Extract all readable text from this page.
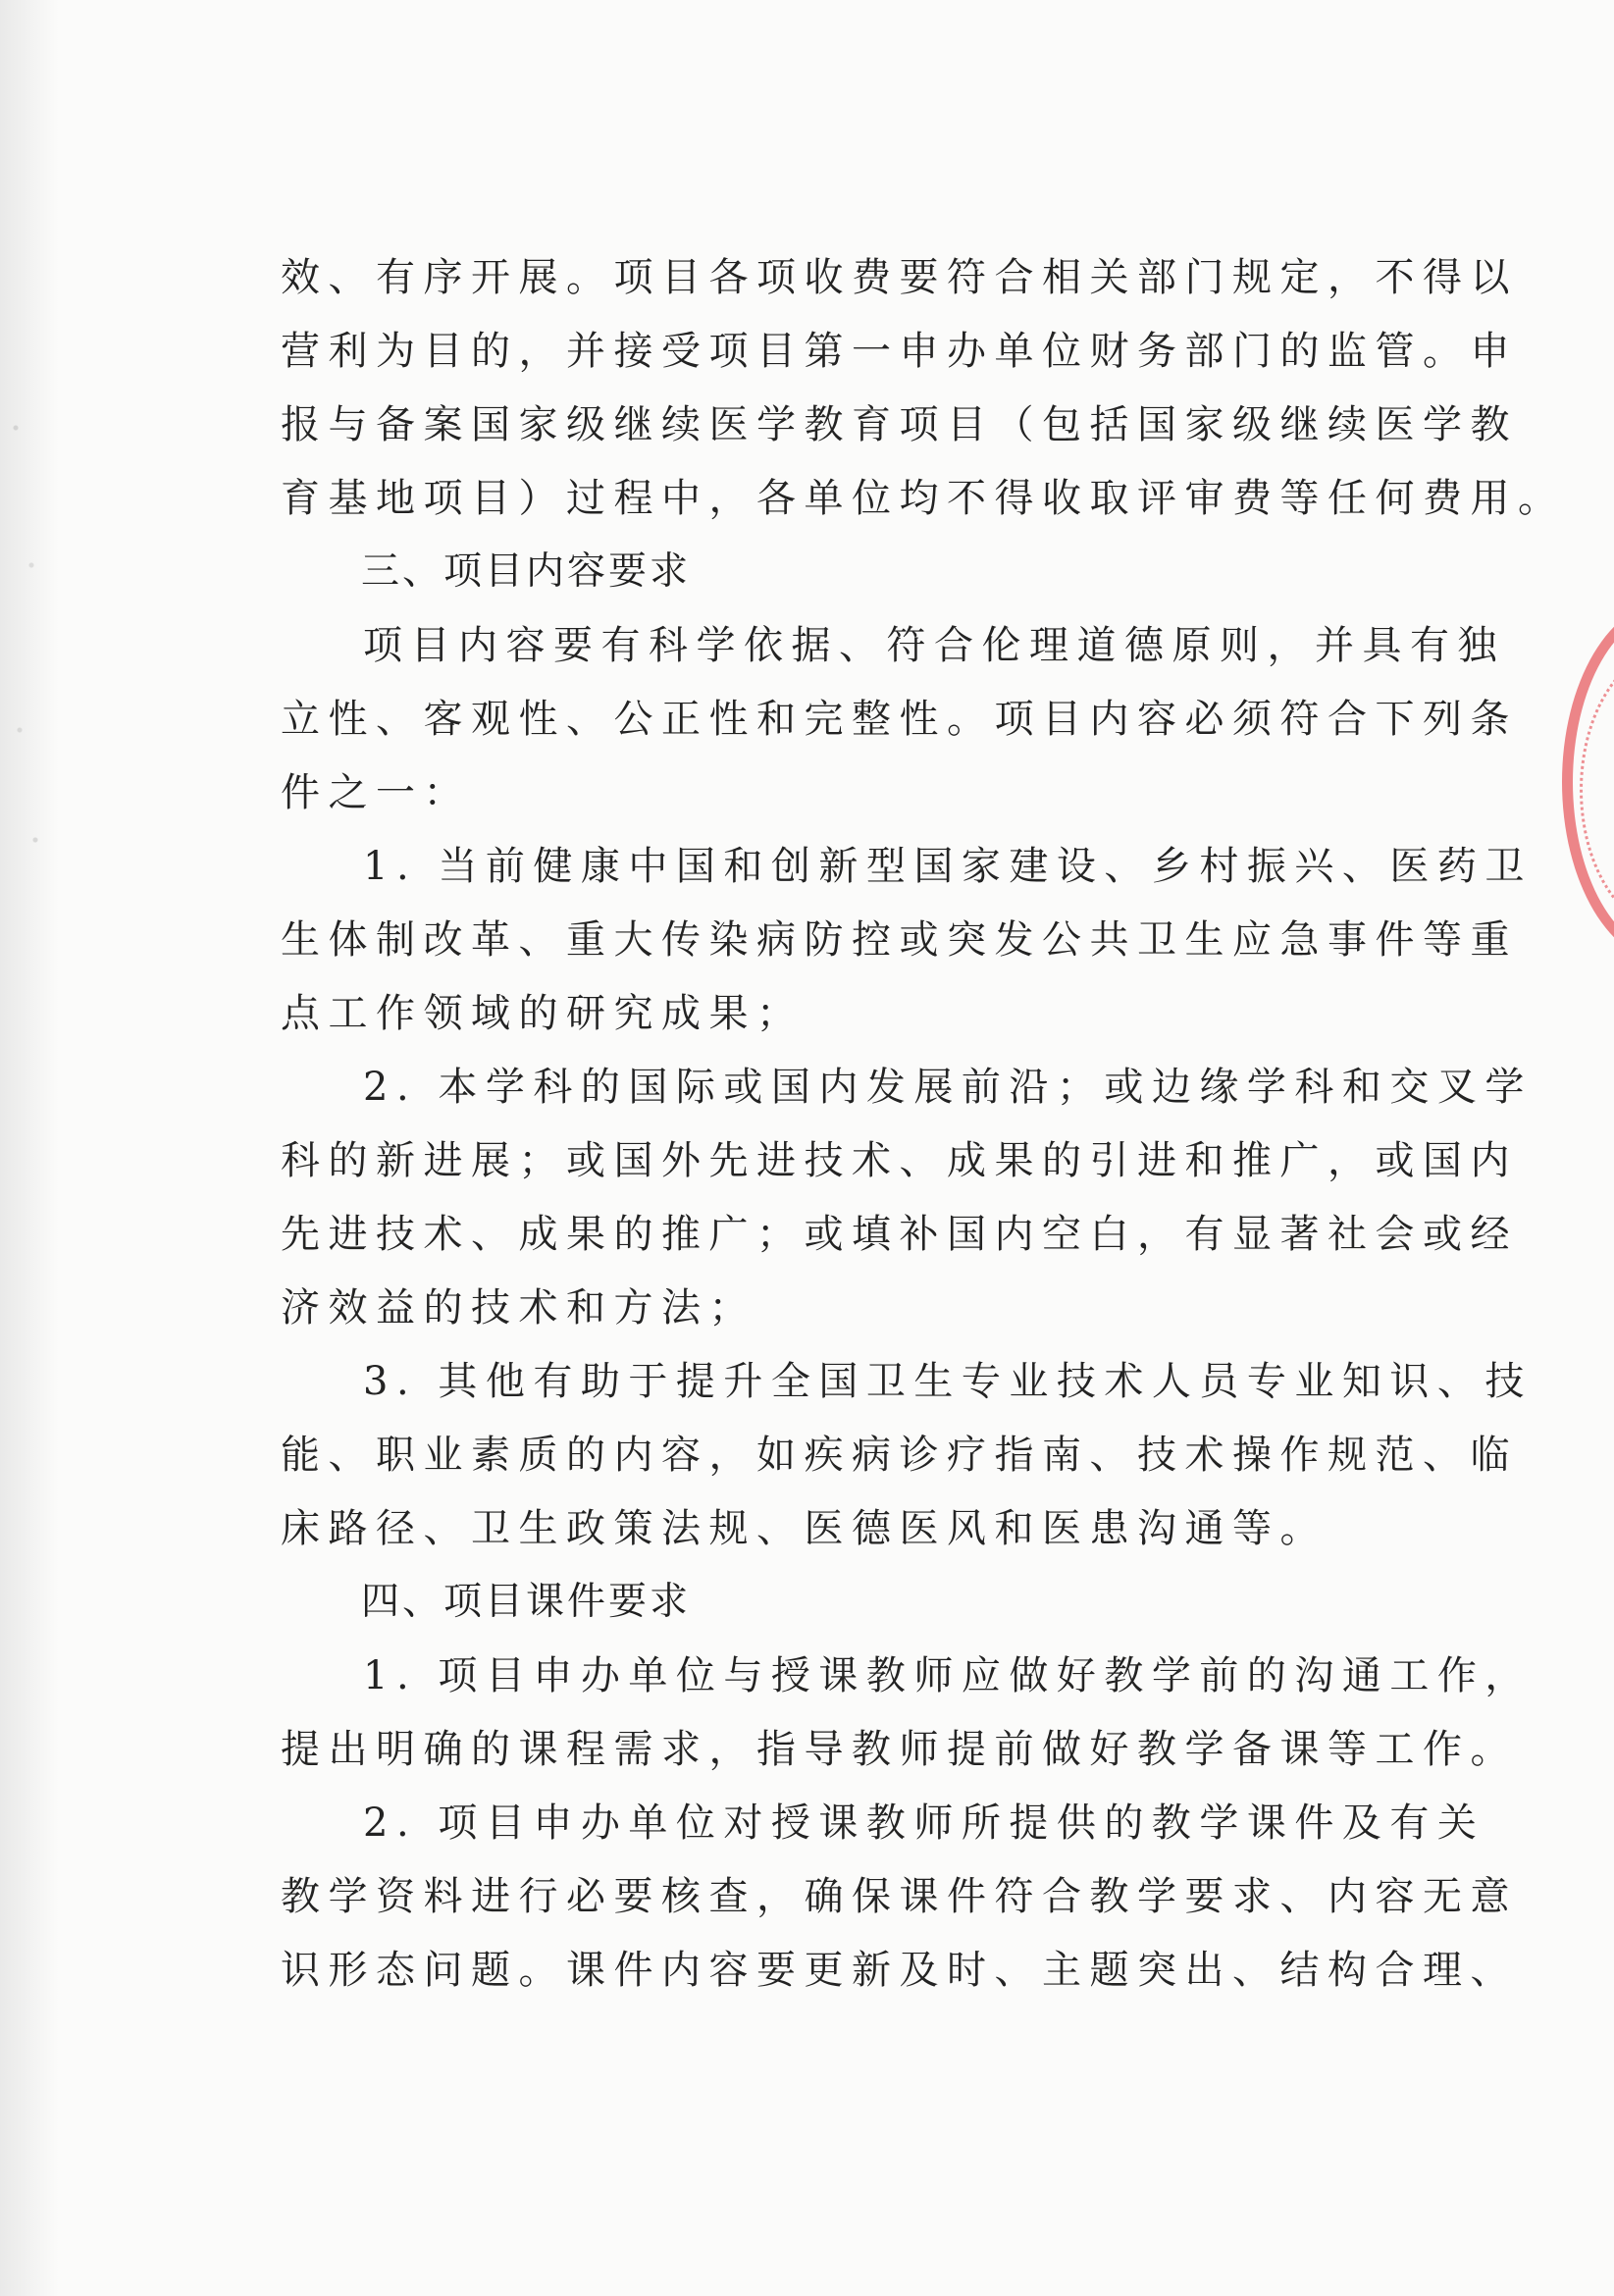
效、有序开展。项目各项收费要符合相关部门规定，不得以
营利为目的，并接受项目第一申办单位财务部门的监管。申
报与备案国家级继续医学教育项目（包括国家级继续医学教
育基地项目）过程中，各单位均不得收取评审费等任何费用。
三、项目内容要求
项目内容要有科学依据、符合伦理道德原则，并具有独
立性、客观性、公正性和完整性。项目内容必须符合下列条
件之一：
1. 当前健康中国和创新型国家建设、乡村振兴、医药卫
生体制改革、重大传染病防控或突发公共卫生应急事件等重
点工作领域的研究成果；
2. 本学科的国际或国内发展前沿；或边缘学科和交叉学
科的新进展；或国外先进技术、成果的引进和推广，或国内
先进技术、成果的推广；或填补国内空白，有显著社会或经
济效益的技术和方法；
3. 其他有助于提升全国卫生专业技术人员专业知识、技
能、职业素质的内容，如疾病诊疗指南、技术操作规范、临
床路径、卫生政策法规、医德医风和医患沟通等。
四、项目课件要求
1. 项目申办单位与授课教师应做好教学前的沟通工作，
提出明确的课程需求，指导教师提前做好教学备课等工作。
2. 项目申办单位对授课教师所提供的教学课件及有关
教学资料进行必要核查，确保课件符合教学要求、内容无意
识形态问题。课件内容要更新及时、主题突出、结构合理、
